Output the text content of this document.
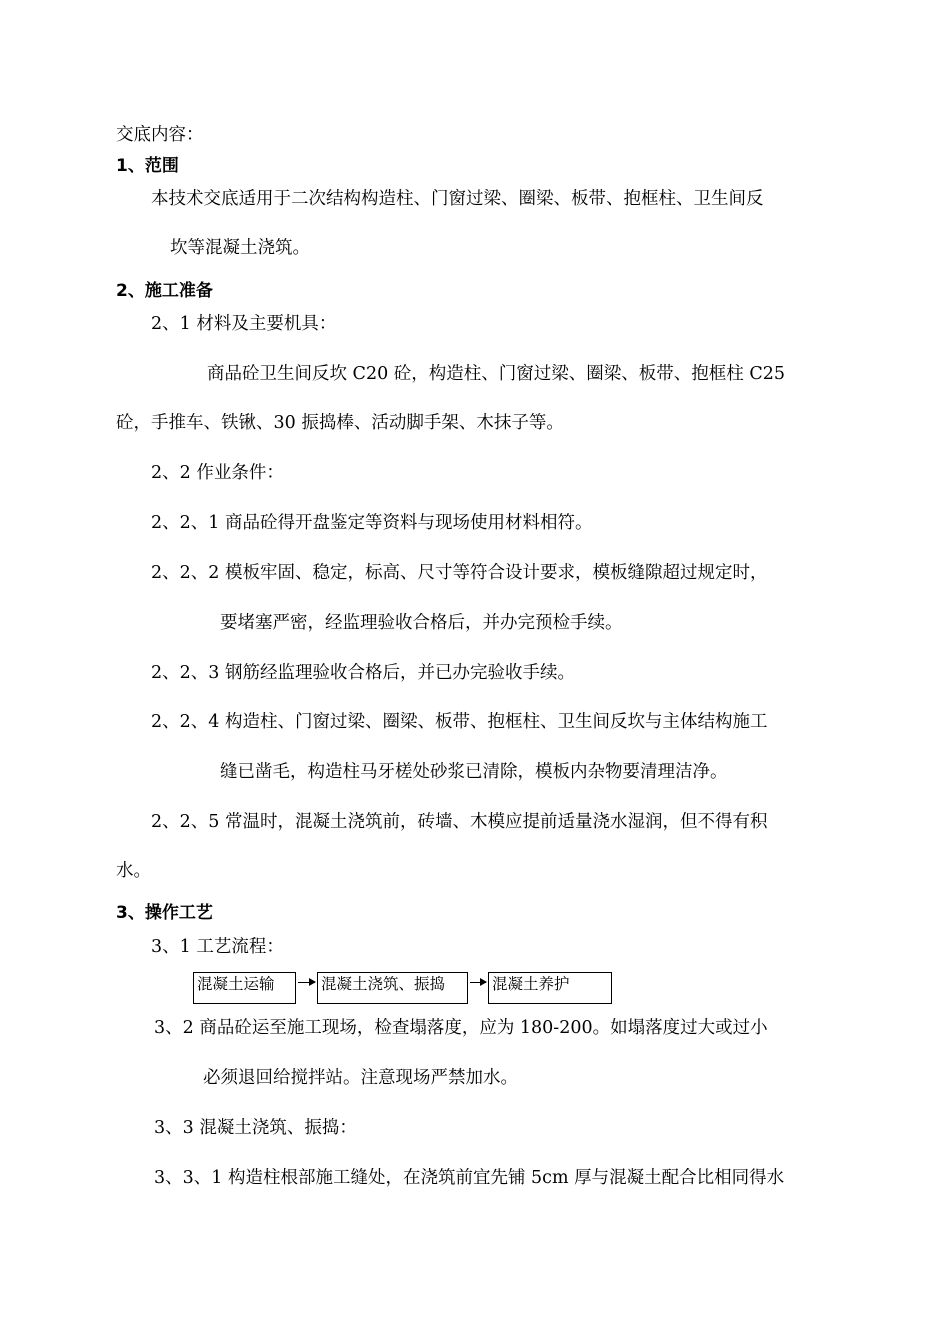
交底内容：
1、范围
本技术交底适用于二次结构构造柱、门窗过梁、圈梁、板带、抱框柱、卫生间反
坎等混凝土浇筑。
2、施工准备
2、1 材料及主要机具：
商品砼卫生间反坎 C20 砼，构造柱、门窗过梁、圈梁、板带、抱框柱 C25
砼，手推车、铁锹、30 振捣棒、活动脚手架、木抹子等。
2、2 作业条件：
2、2、1 商品砼得开盘鉴定等资料与现场使用材料相符。
2、2、2 模板牢固、稳定，标高、尺寸等符合设计要求，模板缝隙超过规定时，
要堵塞严密，经监理验收合格后，并办完预检手续。
2、2、3 钢筋经监理验收合格后，并已办完验收手续。
2、2、4 构造柱、门窗过梁、圈梁、板带、抱框柱、卫生间反坎与主体结构施工
缝已凿毛，构造柱马牙槎处砂浆已清除，模板内杂物要清理洁净。
2、2、5 常温时，混凝土浇筑前，砖墙、木模应提前适量浇水湿润，但不得有积
水。
3、操作工艺
3、1 工艺流程：
混凝土运输	混凝土浇筑、振捣	混凝土养护
3、2 商品砼运至施工现场，检查塌落度，应为 180-200。如塌落度过大或过小
必须退回给搅拌站。注意现场严禁加水。
3、3 混凝土浇筑、振捣：
3、3、1 构造柱根部施工缝处，在浇筑前宜先铺 5cm 厚与混凝土配合比相同得水
